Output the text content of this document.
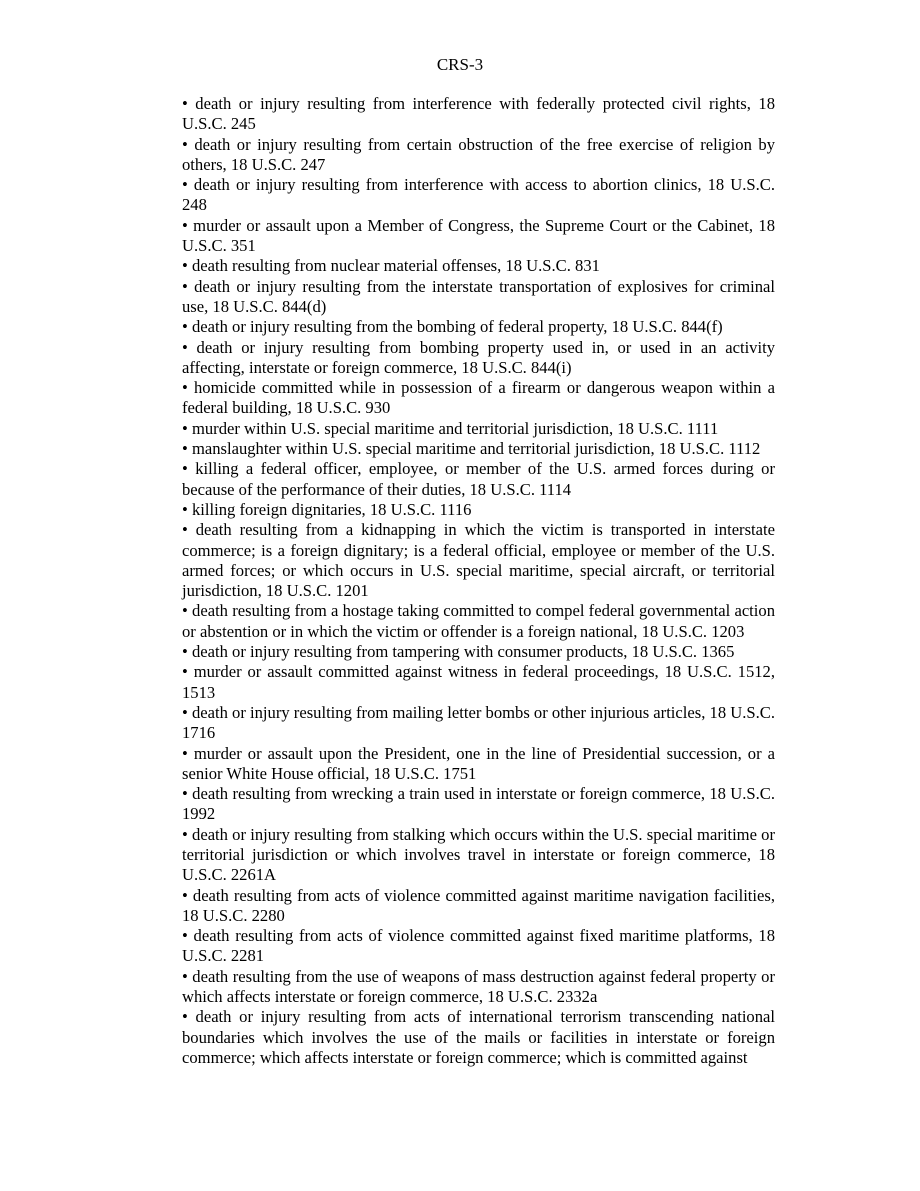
CRS-3

• death or injury resulting from interference with federally protected civil rights, 18 U.S.C. 245

• death or injury resulting from certain obstruction of the free exercise of religion by others, 18 U.S.C. 247

• death or injury resulting from interference with access to abortion clinics, 18 U.S.C. 248

• murder or assault upon a Member of Congress, the Supreme Court or the Cabinet, 18 U.S.C. 351

• death resulting from nuclear material offenses, 18 U.S.C. 831

• death or injury resulting from the interstate transportation of explosives for criminal use, 18 U.S.C. 844(d)

• death or injury resulting from the bombing of federal property, 18 U.S.C. 844(f)

• death or injury resulting from bombing property used in, or used in an activity affecting, interstate or foreign commerce, 18 U.S.C. 844(i)

• homicide committed while in possession of a firearm or dangerous weapon within a federal building, 18 U.S.C. 930

• murder within U.S. special maritime and territorial jurisdiction, 18 U.S.C. 1111

• manslaughter within U.S. special maritime and territorial jurisdiction, 18 U.S.C. 1112

• killing a federal officer, employee, or member of the U.S. armed forces during or because of the performance of their duties, 18 U.S.C. 1114

• killing foreign dignitaries, 18 U.S.C. 1116

• death resulting from a kidnapping in which the victim is transported in interstate commerce; is a foreign dignitary; is a federal official, employee or member of the U.S. armed forces; or which occurs in U.S. special maritime, special aircraft, or territorial jurisdiction, 18 U.S.C. 1201

• death resulting from a hostage taking committed to compel federal governmental action or abstention or in which the victim or offender is a foreign national, 18 U.S.C. 1203

• death or injury resulting from tampering with consumer products, 18 U.S.C. 1365

• murder or assault committed against witness in federal proceedings, 18 U.S.C. 1512, 1513

• death or injury resulting from mailing letter bombs or other injurious articles, 18 U.S.C. 1716

• murder or assault upon the President, one in the line of Presidential succession, or a senior White House official, 18 U.S.C. 1751

• death resulting from wrecking a train used in interstate or foreign commerce, 18 U.S.C. 1992

• death or injury resulting from stalking which occurs within the U.S. special maritime or territorial jurisdiction or which involves travel in interstate or foreign commerce, 18 U.S.C. 2261A

• death resulting from acts of violence committed against maritime navigation facilities, 18 U.S.C. 2280

• death resulting from acts of violence committed against fixed maritime platforms, 18 U.S.C. 2281

• death resulting from the use of weapons of mass destruction against federal property or which affects interstate or foreign commerce, 18 U.S.C. 2332a

• death or injury resulting from acts of international terrorism transcending national boundaries which involves the use of the mails or facilities in interstate or foreign commerce; which affects interstate or foreign commerce; which is committed against
